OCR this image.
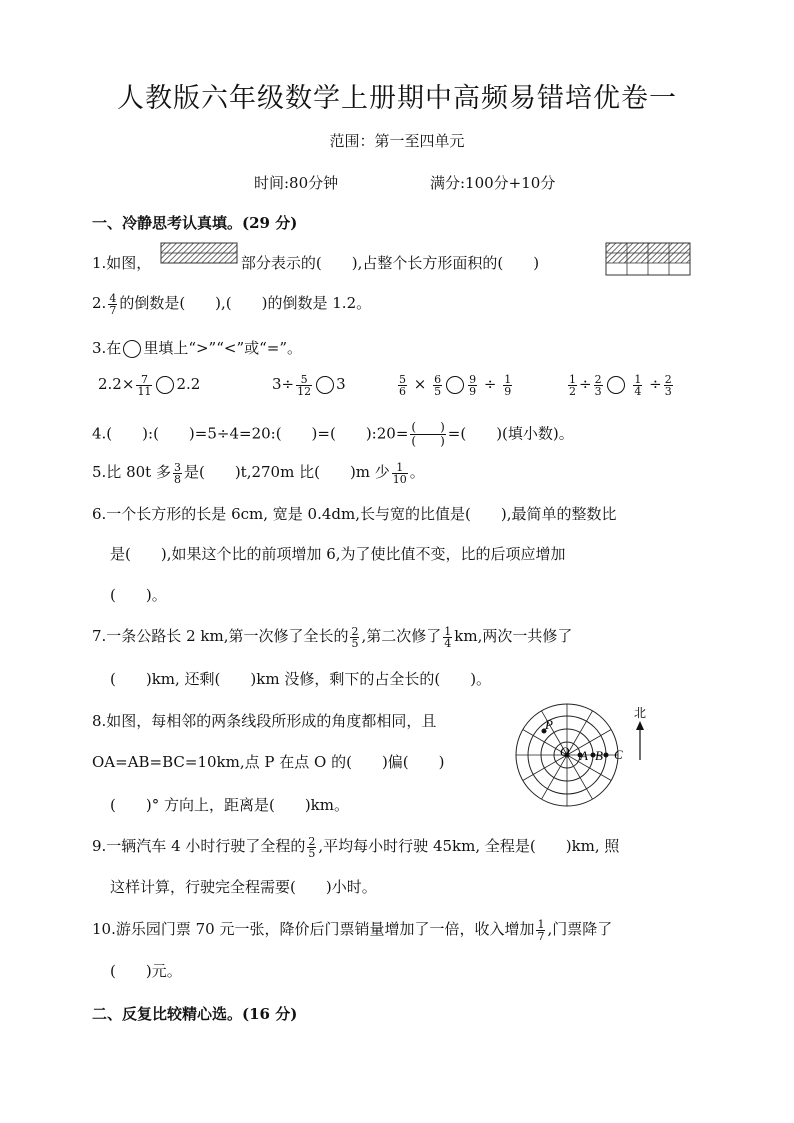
人教版六年级数学上册期中高频易错培优卷一
范围：第一至四单元
时间:80分钟	满分:100分+10分
一、冷静思考认真填。(29 分)
1.如图，	部分表示的(　　),占整个长方形面积的(　　)
2. $\frac{4}{7}$ 的倒数是(　　),(　　)的倒数是 1.2。
3.在 里填上“>”“<”或“=”。
$2.2\times \frac{7}{11} 2.2$	$3\div \frac{5}{12} 3$	$\frac{5}{6} \times \frac{6}{5} \frac{9}{9} \div \frac{1}{9}$	$\frac{1}{2} \div \frac{2}{3}$
	$\frac{1}{4} \div \frac{2}{3}$
4.(　　):(　　)=5÷4=20:(　　)=(　　):20= $\frac{( )}{( )}$ =(　　)(填小数)。
5.比 80t 多 $\frac{3}{8}$ 是(　　)t,270m 比(　　)m 少 $\frac{1}{10}$ 。
6.一个长方形的长是 6cm, 宽是 0.4dm,长与宽的比值是(　　),最简单的整数比
是(　　),如果这个比的前项增加 6,为了使比值不变，比的后项应增加
(　　)。
7.一条公路长 2 km,第一次修了全长的 $\frac{2}{5}$ ,第二次修了 $\frac{1}{4}$ km,两次一共修了
(　　)km, 还剩(　　)km 没修，剩下的占全长的(　　)。
8.如图，每相邻的两条线段所形成的角度都相同，且
OA=AB=BC=10km,点 P 在点 O 的(　　)偏(　　)
(　　)° 方向上，距离是(　　)km。
P
O A B C
北
9.一辆汽车 4 小时行驶了全程的 $\frac{2}{5}$ ,平均每小时行驶 45km, 全程是(　　)km, 照
这样计算，行驶完全程需要(　　)小时。
10.游乐园门票 70 元一张，降价后门票销量增加了一倍，收入增加 $\frac{1}{7}$ ,门票降了
(　　)元。
二、反复比较精心选。(16 分)
